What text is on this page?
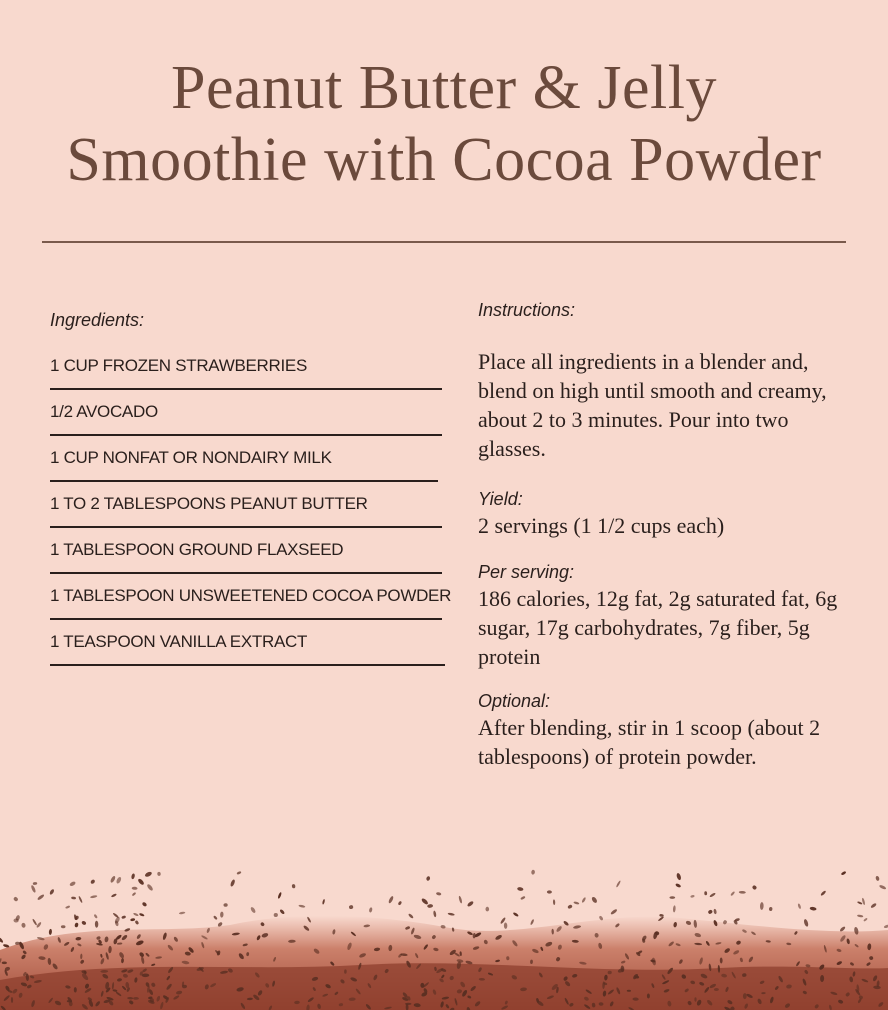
Peanut Butter & Jelly
Smoothie with Cocoa Powder
Ingredients:
1 CUP FROZEN STRAWBERRIES
1/2 AVOCADO
1 CUP NONFAT OR NONDAIRY MILK
1 TO 2 TABLESPOONS PEANUT BUTTER
1 TABLESPOON GROUND FLAXSEED
1 TABLESPOON UNSWEETENED COCOA POWDER
1 TEASPOON VANILLA EXTRACT

Instructions:

Place all ingredients in a blender and, blend on high until smooth and creamy, about 2 to 3 minutes. Pour into two glasses.

Yield:

2 servings (1 1/2 cups each)

Per serving:

186 calories, 12g fat, 2g saturated fat, 6g sugar, 17g carbohydrates, 7g fiber, 5g protein

Optional:

After blending, stir in 1 scoop (about 2 tablespoons) of protein powder.
